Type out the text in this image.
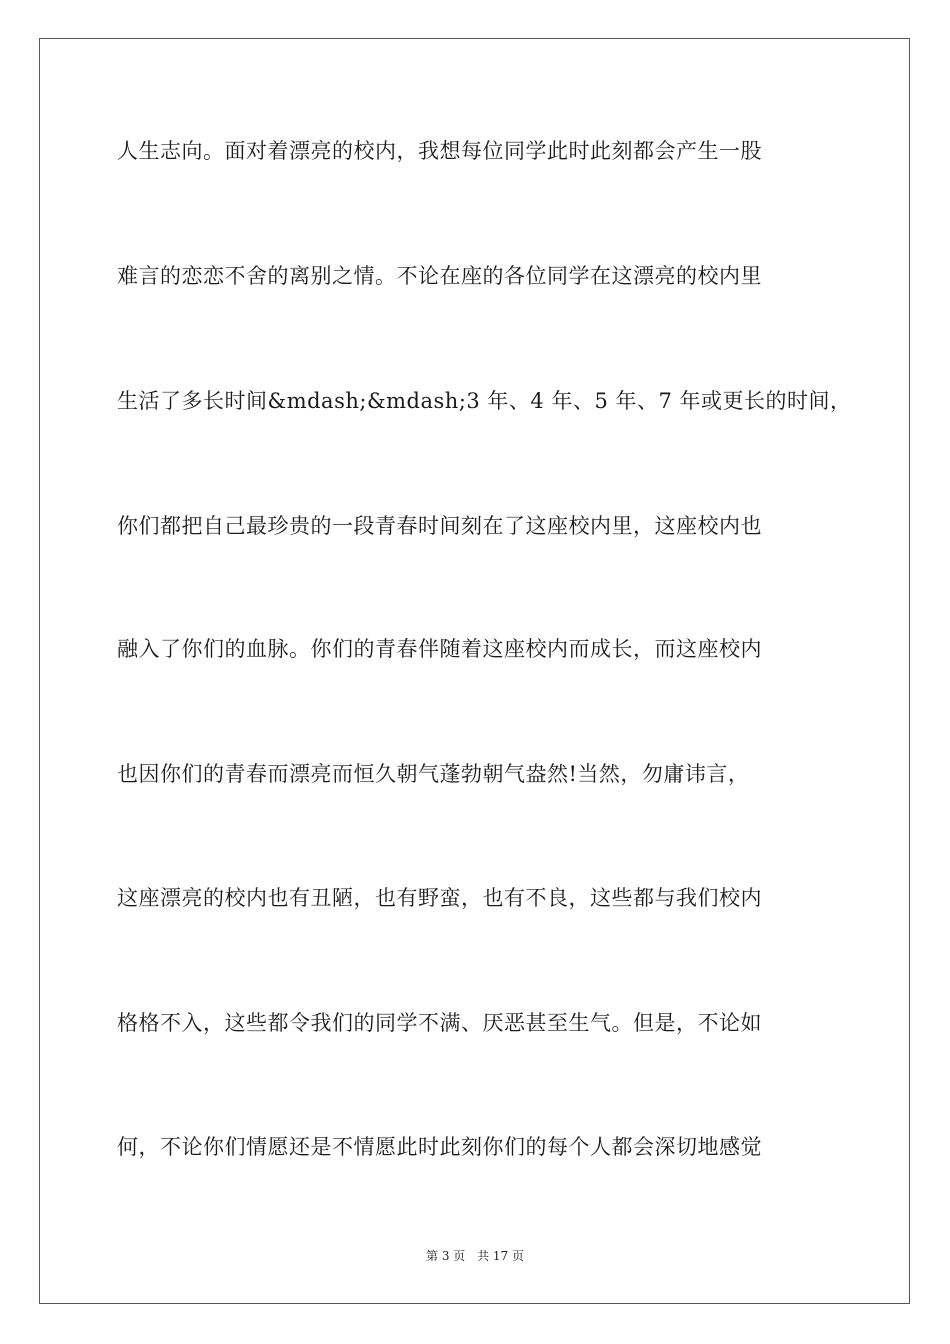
人生志向。面对着漂亮的校内，我想每位同学此时此刻都会产生一股
难言的恋恋不舍的离别之情。不论在座的各位同学在这漂亮的校内里
生活了多长时间&mdash;&mdash;3 年、4 年、5 年、7 年或更长的时间，
你们都把自己最珍贵的一段青春时间刻在了这座校内里，这座校内也
融入了你们的血脉。你们的青春伴随着这座校内而成长，而这座校内
也因你们的青春而漂亮而恒久朝气蓬勃朝气盎然!当然，勿庸讳言，
这座漂亮的校内也有丑陋，也有野蛮，也有不良，这些都与我们校内
格格不入，这些都令我们的同学不满、厌恶甚至生气。但是，不论如
何，不论你们情愿还是不情愿此时此刻你们的每个人都会深切地感觉
第 3 页 共 17 页
